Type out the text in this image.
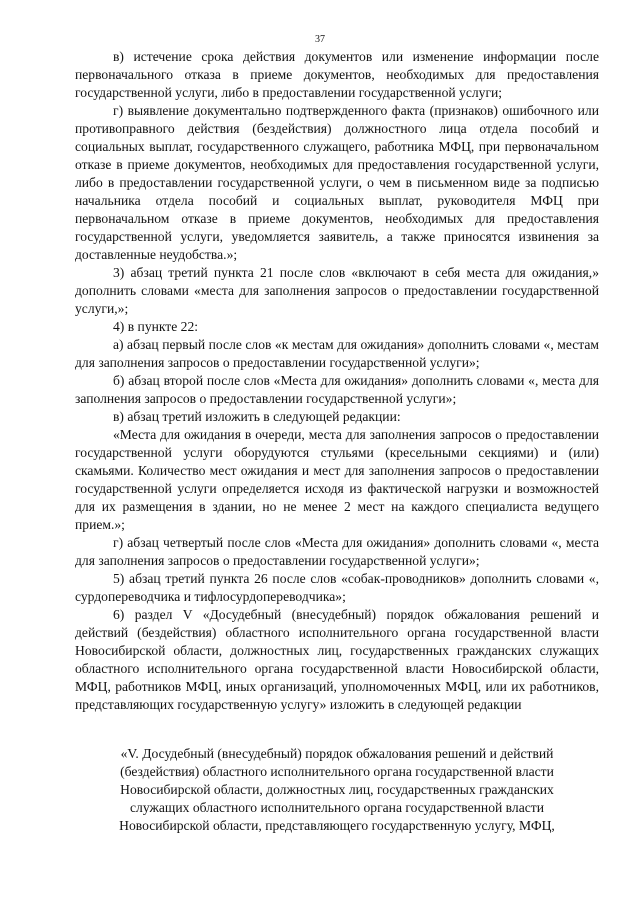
37

в) истечение срока действия документов или изменение информации после первоначального отказа в приеме документов, необходимых для предоставления государственной услуги, либо в предоставлении государственной услуги;

г) выявление документально подтвержденного факта (признаков) ошибочного или противоправного действия (бездействия) должностного лица отдела пособий и социальных выплат, государственного служащего, работника МФЦ, при первоначальном отказе в приеме документов, необходимых для предоставления государственной услуги, либо в предоставлении государственной услуги, о чем в письменном виде за подписью начальника отдела пособий и социальных выплат, руководителя МФЦ при первоначальном отказе в приеме документов, необходимых для предоставления государственной услуги, уведомляется заявитель, а также приносятся извинения за доставленные неудобства.»;

3) абзац третий пункта 21 после слов «включают в себя места для ожидания,» дополнить словами «места для заполнения запросов о предоставлении государственной услуги,»;

4) в пункте 22:

а) абзац первый после слов «к местам для ожидания» дополнить словами «, местам для заполнения запросов о предоставлении государственной услуги»;

б) абзац второй после слов «Места для ожидания» дополнить словами «, места для заполнения запросов о предоставлении государственной услуги»;

в) абзац третий изложить в следующей редакции:

«Места для ожидания в очереди, места для заполнения запросов о предоставлении государственной услуги оборудуются стульями (кресельными секциями) и (или) скамьями. Количество мест ожидания и мест для заполнения запросов о предоставлении государственной услуги определяется исходя из фактической нагрузки и возможностей для их размещения в здании, но не менее 2 мест на каждого специалиста ведущего прием.»;

г) абзац четвертый после слов «Места для ожидания» дополнить словами «, места для заполнения запросов о предоставлении государственной услуги»;

5) абзац третий пункта 26 после слов «собак-проводников» дополнить словами «, сурдопереводчика и тифлосурдопереводчика»;

6) раздел V «Досудебный (внесудебный) порядок обжалования решений и действий (бездействия) областного исполнительного органа государственной власти Новосибирской области, должностных лиц, государственных гражданских служащих областного исполнительного органа государственной власти Новосибирской области, МФЦ, работников МФЦ, иных организаций, уполномоченных МФЦ, или их работников, представляющих государственную услугу» изложить в следующей редакции

«V. Досудебный (внесудебный) порядок обжалования решений и действий

(бездействия) областного исполнительного органа государственной власти

Новосибирской области, должностных лиц, государственных гражданских

служащих областного исполнительного органа государственной власти

Новосибирской области, представляющего государственную услугу, МФЦ,
